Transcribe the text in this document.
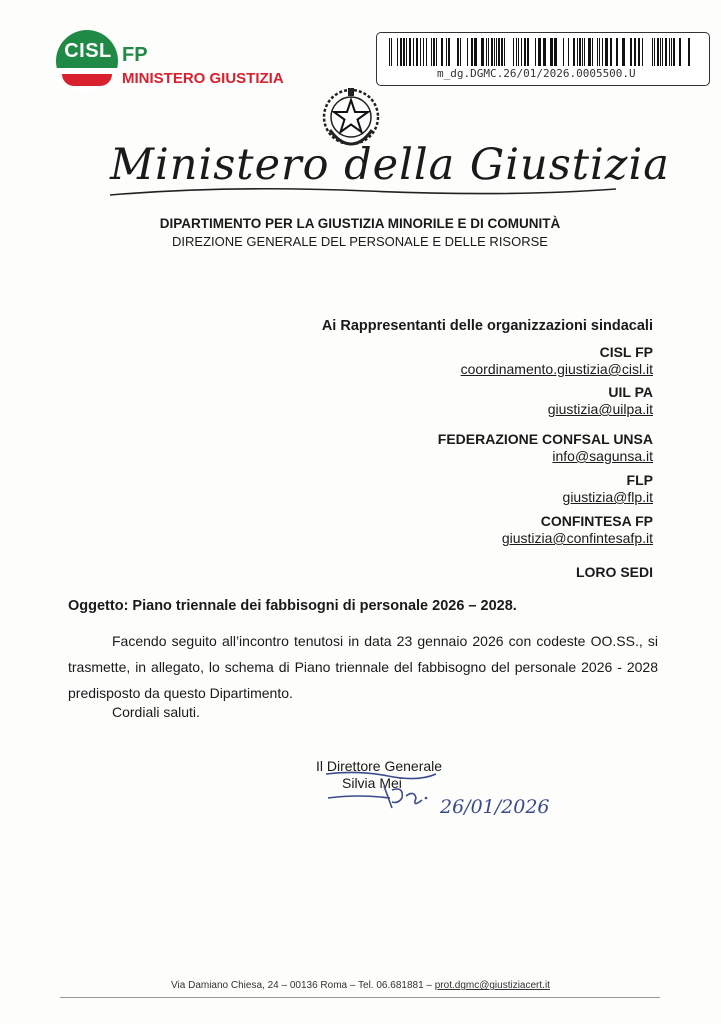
CISL FP
MINISTERO GIUSTIZIA	m_dg.DGMC.26/01/2026.0005500.U
Ministero della Giustizia
DIPARTIMENTO PER LA GIUSTIZIA MINORILE E DI COMUNITÀ
DIREZIONE GENERALE DEL PERSONALE E DELLE RISORSE
Ai Rappresentanti delle organizzazioni sindacali
CISL FP
coordinamento.giustizia@cisl.it
UIL PA
giustizia@uilpa.it
FEDERAZIONE CONFSAL UNSA
info@sagunsa.it
FLP
giustizia@flp.it
CONFINTESA FP
giustizia@confintesafp.it
LORO SEDI
Oggetto: Piano triennale dei fabbisogni di personale 2026 – 2028.
Facendo seguito all’incontro tenutosi in data 23 gennaio 2026 con codeste OO.SS., si trasmette, in allegato, lo schema di Piano triennale del fabbisogno del personale 2026 - 2028 predisposto da questo Dipartimento.
Cordiali saluti.
Il Direttore Generale
Silvia Mei
26/01/2026
Via Damiano Chiesa, 24 – 00136 Roma – Tel. 06.681881 – prot.dgmc@giustiziacert.it
